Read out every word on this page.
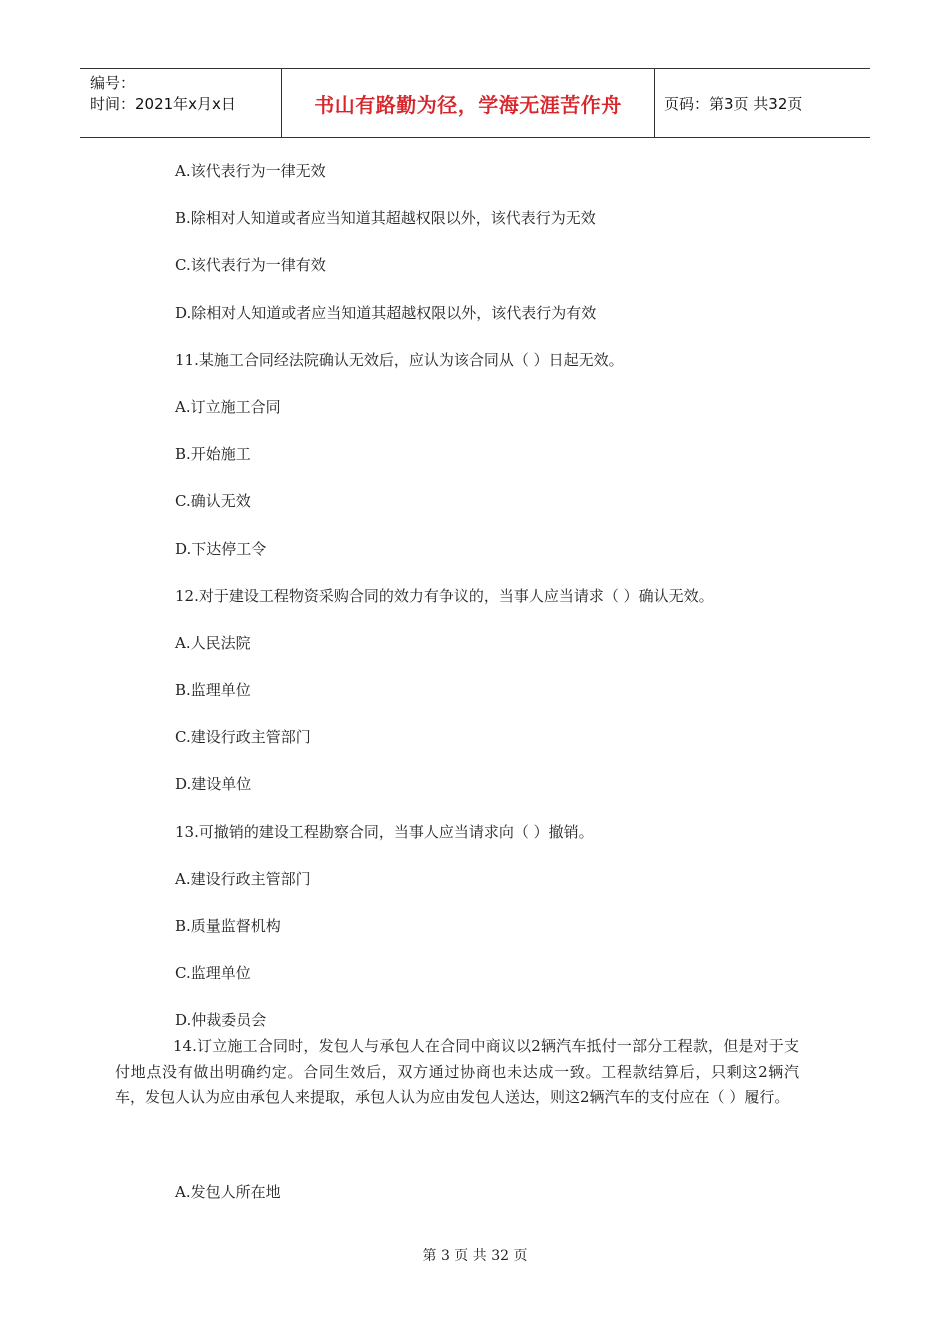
编号：
时间：2021年x月x日	书山有路勤为径，学海无涯苦作舟	页码：第3页 共32页
A.该代表行为一律无效
B.除相对人知道或者应当知道其超越权限以外，该代表行为无效
C.该代表行为一律有效
D.除相对人知道或者应当知道其超越权限以外，该代表行为有效
11.某施工合同经法院确认无效后，应认为该合同从（ ）日起无效。
A.订立施工合同
B.开始施工
C.确认无效
D.下达停工令
12.对于建设工程物资采购合同的效力有争议的，当事人应当请求（ ）确认无效。
A.人民法院
B.监理单位
C.建设行政主管部门
D.建设单位
13.可撤销的建设工程勘察合同，当事人应当请求向（ ）撤销。
A.建设行政主管部门
B.质量监督机构
C.监理单位
D.仲裁委员会
14.订立施工合同时，发包人与承包人在合同中商议以2辆汽车抵付一部分工程款，但是对于支付地点没有做出明确约定。合同生效后，双方通过协商也未达成一致。工程款结算后，只剩这2辆汽车，发包人认为应由承包人来提取，承包人认为应由发包人送达，则这2辆汽车的支付应在（ ）履行。
A.发包人所在地
第 3 页 共 32 页
